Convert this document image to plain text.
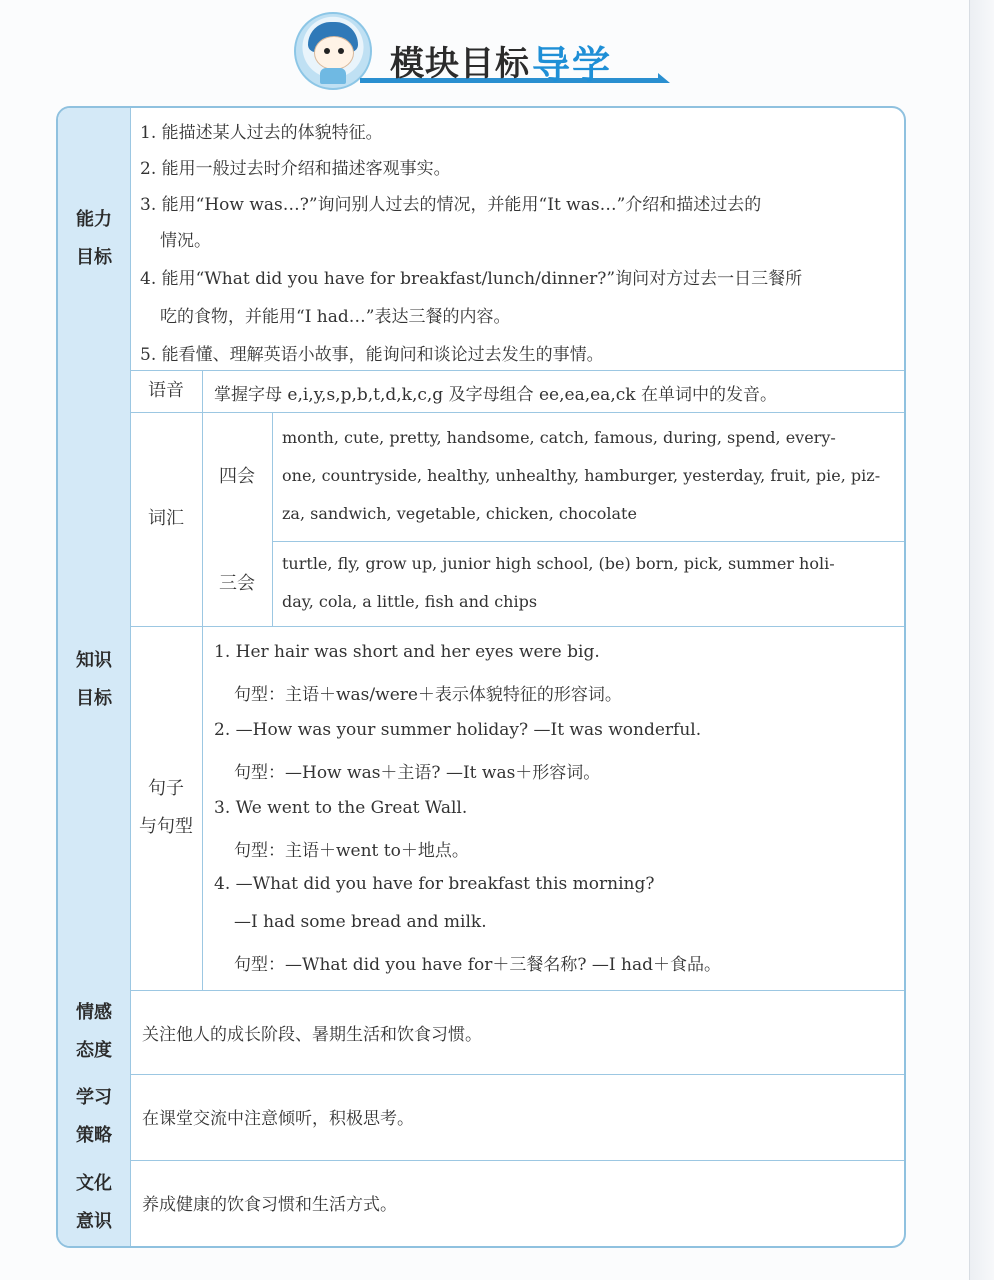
模块目标 导学
能力
目标
1. 能描述某人过去的体貌特征。
2. 能用一般过去时介绍和描述客观事实。
3. 能用“How was…?”询问别人过去的情况，并能用“It was…”介绍和描述过去的
情况。
4. 能用“What did you have for breakfast/lunch/dinner?”询问对方过去一日三餐所
吃的食物，并能用“I had…”表达三餐的内容。
5. 能看懂、理解英语小故事，能询问和谈论过去发生的事情。
知识
目标
语音	掌握字母 e,i,y,s,p,b,t,d,k,c,g 及字母组合 ee,ea,ea,ck 在单词中的发音。
词汇
四会
month, cute, pretty, handsome, catch, famous, during, spend, every-
one, countryside, healthy, unhealthy, hamburger, yesterday, fruit, pie, piz-
za, sandwich, vegetable, chicken, chocolate
三会
turtle, fly, grow up, junior high school, (be) born, pick, summer holi-
day, cola, a little, fish and chips
句子
与句型
1. Her hair was short and her eyes were big.
句型：主语＋was/were＋表示体貌特征的形容词。
2. —How was your summer holiday? —It was wonderful.
句型：—How was＋主语? —It was＋形容词。
3. We went to the Great Wall.
句型：主语＋went to＋地点。
4. —What did you have for breakfast this morning?
—I had some bread and milk.
句型：—What did you have for＋三餐名称? —I had＋食品。
情感
态度
关注他人的成长阶段、暑期生活和饮食习惯。
学习
策略
在课堂交流中注意倾听，积极思考。
文化
意识
养成健康的饮食习惯和生活方式。
